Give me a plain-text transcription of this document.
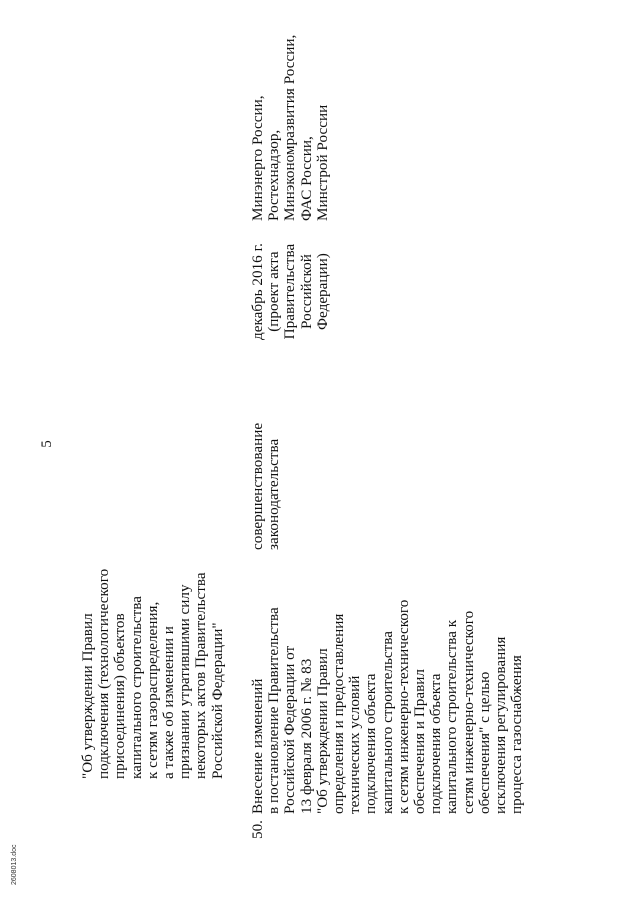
5
"Об утверждении Правил
подключения (технологического
присоединения) объектов
капитального строительства
к сетям газораспределения,
а также об изменении и
признании утратившими силу
некоторых актов Правительства
Российской Федерации"
50.
Внесение изменений
в постановление Правительства
Российской Федерации от
13 февраля 2006 г. № 83
"Об утверждении Правил
определения и предоставления
технических условий
подключения объекта
капитального строительства
к сетям инженерно-технического
обеспечения и Правил
подключения объекта
капитального строительства к
сетям инженерно-технического
обеспечения" с целью
исключения регулирования
процесса газоснабжения
совершенствование
законодательства
декабрь 2016 г.
(проект акта
Правительства
Российской
Федерации)
Минэнерго России,
Ростехнадзор,
Минэкономразвития России,
ФАС России,
Минстрой России
2608013.doc
